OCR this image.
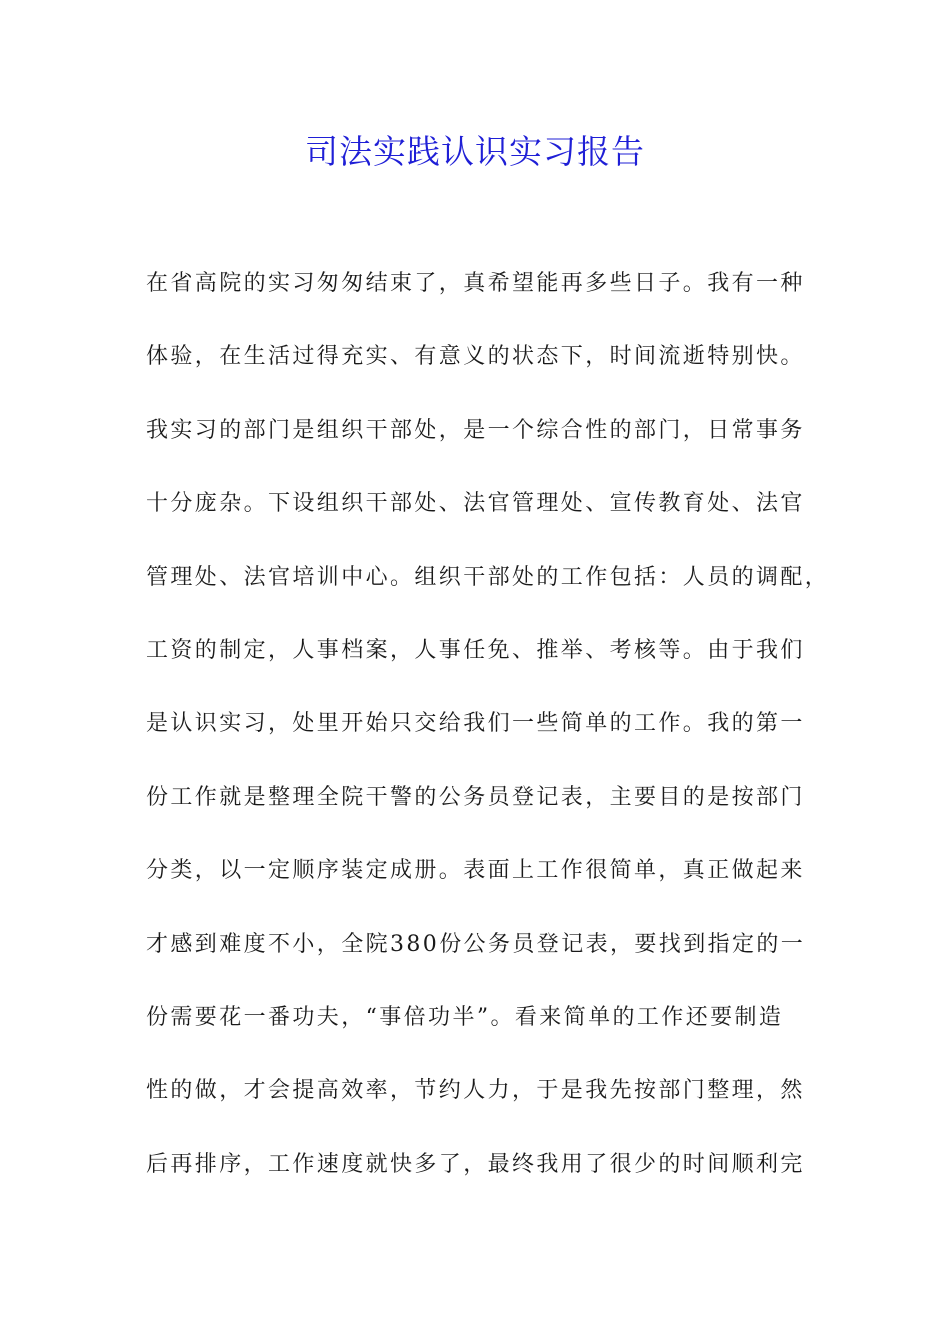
司法实践认识实习报告

在省高院的实习匆匆结束了，真希望能再多些日子。我有一种

体验，在生活过得充实、有意义的状态下，时间流逝特别快。

我实习的部门是组织干部处，是一个综合性的部门，日常事务

十分庞杂。下设组织干部处、法官管理处、宣传教育处、法官

管理处、法官培训中心。组织干部处的工作包括：人员的调配，

工资的制定，人事档案，人事任免、推举、考核等。由于我们

是认识实习，处里开始只交给我们一些简单的工作。我的第一

份工作就是整理全院干警的公务员登记表，主要目的是按部门

分类，以一定顺序装定成册。表面上工作很简单，真正做起来

才感到难度不小，全院380份公务员登记表，要找到指定的一

份需要花一番功夫，“事倍功半”。看来简单的工作还要制造

性的做，才会提高效率，节约人力，于是我先按部门整理，然

后再排序，工作速度就快多了，最终我用了很少的时间顺利完
